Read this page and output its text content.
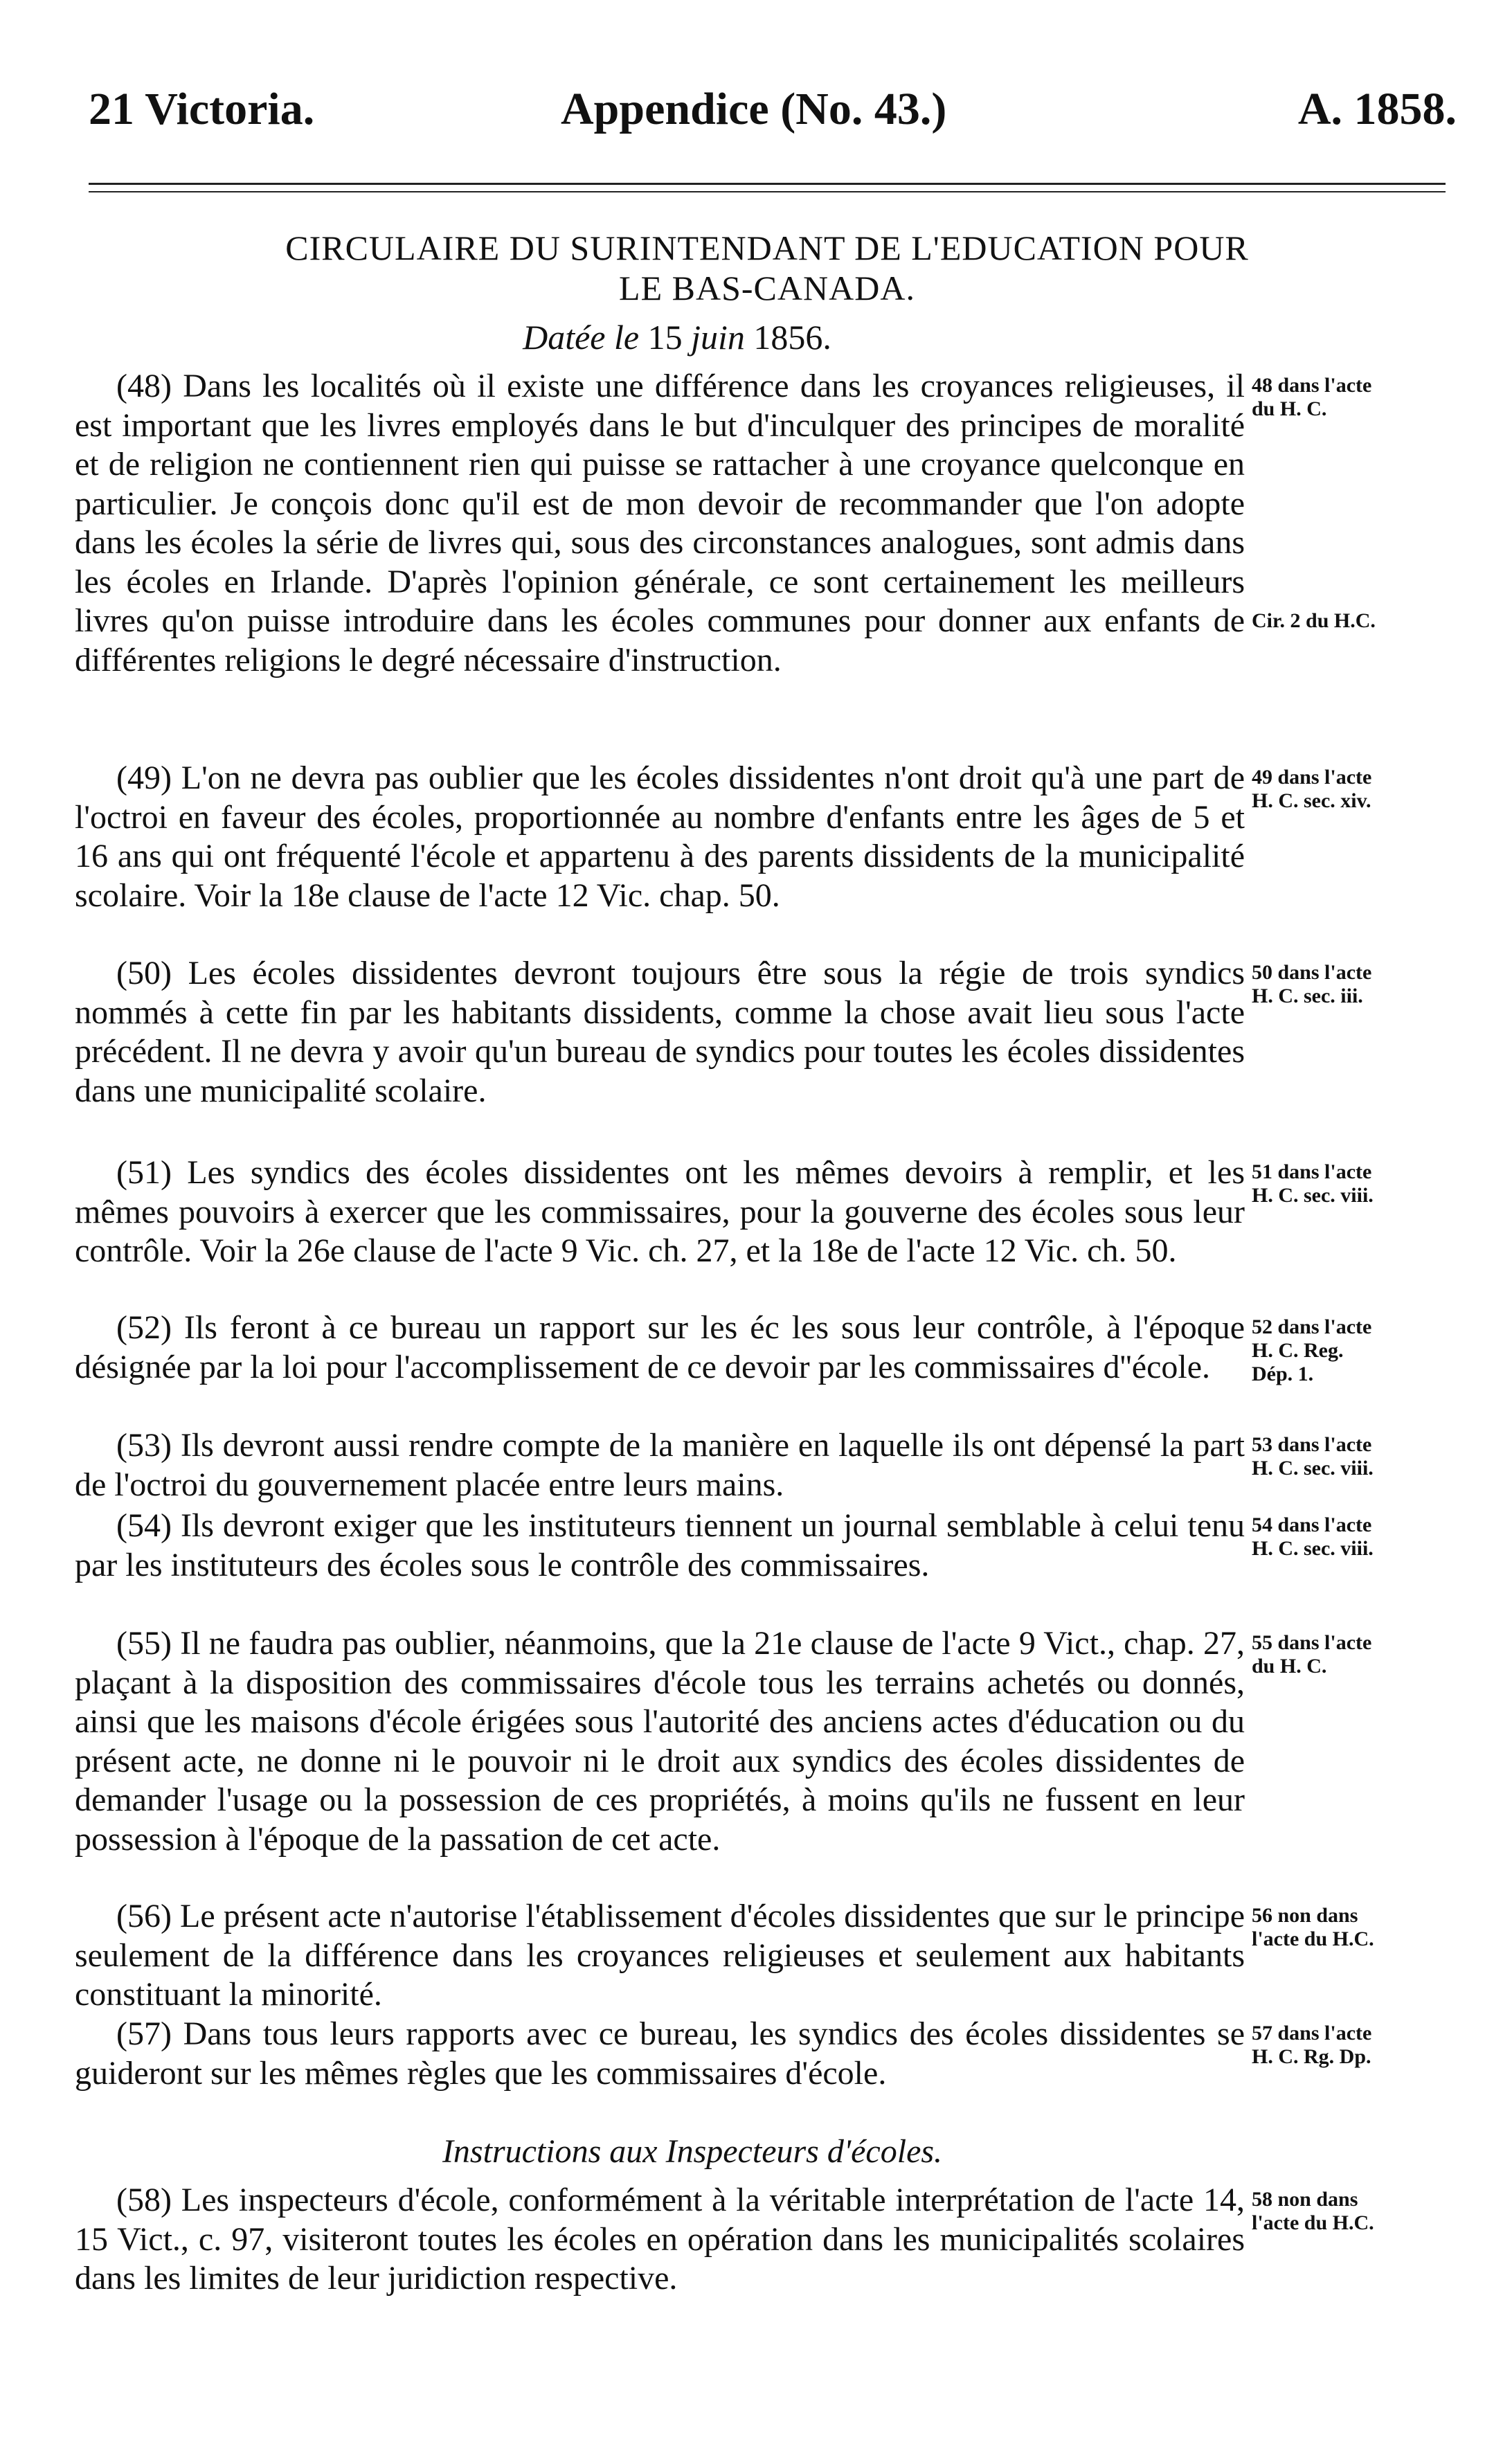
21 Victoria.	Appendice (No. 43.)	A. 1858.
CIRCULAIRE DU SURINTENDANT DE L'EDUCATION POUR
LE BAS-CANADA.
Datée le 15 juin 1856.

(48) Dans les localités où il existe une différence dans les croyances religieuses, il est important que les livres employés dans le but d'inculquer des principes de moralité et de religion ne contiennent rien qui puisse se rattacher à une croyance quelconque en particulier. Je conçois donc qu'il est de mon devoir de recommander que l'on adopte dans les écoles la série de livres qui, sous des circonstances analogues, sont admis dans les écoles en Irlande. D'après l'opinion générale, ce sont certainement les meilleurs livres qu'on puisse introduire dans les écoles communes pour donner aux enfants de différentes religions le degré nécessaire d'instruction.

(49) L'on ne devra pas oublier que les écoles dissidentes n'ont droit qu'à une part de l'octroi en faveur des écoles, proportionnée au nombre d'enfants entre les âges de 5 et 16 ans qui ont fréquenté l'école et appartenu à des parents dissidents de la municipalité scolaire. Voir la 18e clause de l'acte 12 Vic. chap. 50.

(50) Les écoles dissidentes devront toujours être sous la régie de trois syndics nommés à cette fin par les habitants dissidents, comme la chose avait lieu sous l'acte précédent. Il ne devra y avoir qu'un bureau de syndics pour toutes les écoles dissidentes dans une municipalité scolaire.

(51) Les syndics des écoles dissidentes ont les mêmes devoirs à remplir, et les mêmes pouvoirs à exercer que les commissaires, pour la gouverne des écoles sous leur contrôle. Voir la 26e clause de l'acte 9 Vic. ch. 27, et la 18e de l'acte 12 Vic. ch. 50.

(52) Ils feront à ce bureau un rapport sur les éc les sous leur contrôle, à l'époque désignée par la loi pour l'accomplissement de ce devoir par les commissaires d''école.

(53) Ils devront aussi rendre compte de la manière en laquelle ils ont dépensé la part de l'octroi du gouvernement placée entre leurs mains.

(54) Ils devront exiger que les instituteurs tiennent un journal semblable à celui tenu par les instituteurs des écoles sous le contrôle des commissaires.

(55) Il ne faudra pas oublier, néanmoins, que la 21e clause de l'acte 9 Vict., chap. 27, plaçant à la disposition des commissaires d'école tous les terrains achetés ou donnés, ainsi que les maisons d'école érigées sous l'autorité des anciens actes d'éducation ou du présent acte, ne donne ni le pouvoir ni le droit aux syndics des écoles dissidentes de demander l'usage ou la possession de ces propriétés, à moins qu'ils ne fussent en leur possession à l'époque de la passation de cet acte.

(56) Le présent acte n'autorise l'établissement d'écoles dissidentes que sur le principe seulement de la différence dans les croyances religieuses et seulement aux habitants constituant la minorité.

(57) Dans tous leurs rapports avec ce bureau, les syndics des écoles dissidentes se guideront sur les mêmes règles que les commissaires d'école.

Instructions aux Inspecteurs d'écoles.

(58) Les inspecteurs d'école, conformément à la véritable interprétation de l'acte 14, 15 Vict., c. 97, visiteront toutes les écoles en opération dans les municipalités scolaires dans les limites de leur juridiction respective.

48 dans l'acte
du H. C.
Cir. 2 du H.C.
49 dans l'acte
H. C. sec. xiv.
50 dans l'acte
H. C. sec. iii.
51 dans l'acte
H. C. sec. viii.
52 dans l'acte
H. C. Reg.
Dép. 1.
53 dans l'acte
H. C. sec. viii.
54 dans l'acte
H. C. sec. viii.
55 dans l'acte
du H. C.
56 non dans
l'acte du H.C.
57 dans l'acte
H. C. Rg. Dp.
58 non dans
l'acte du H.C.
